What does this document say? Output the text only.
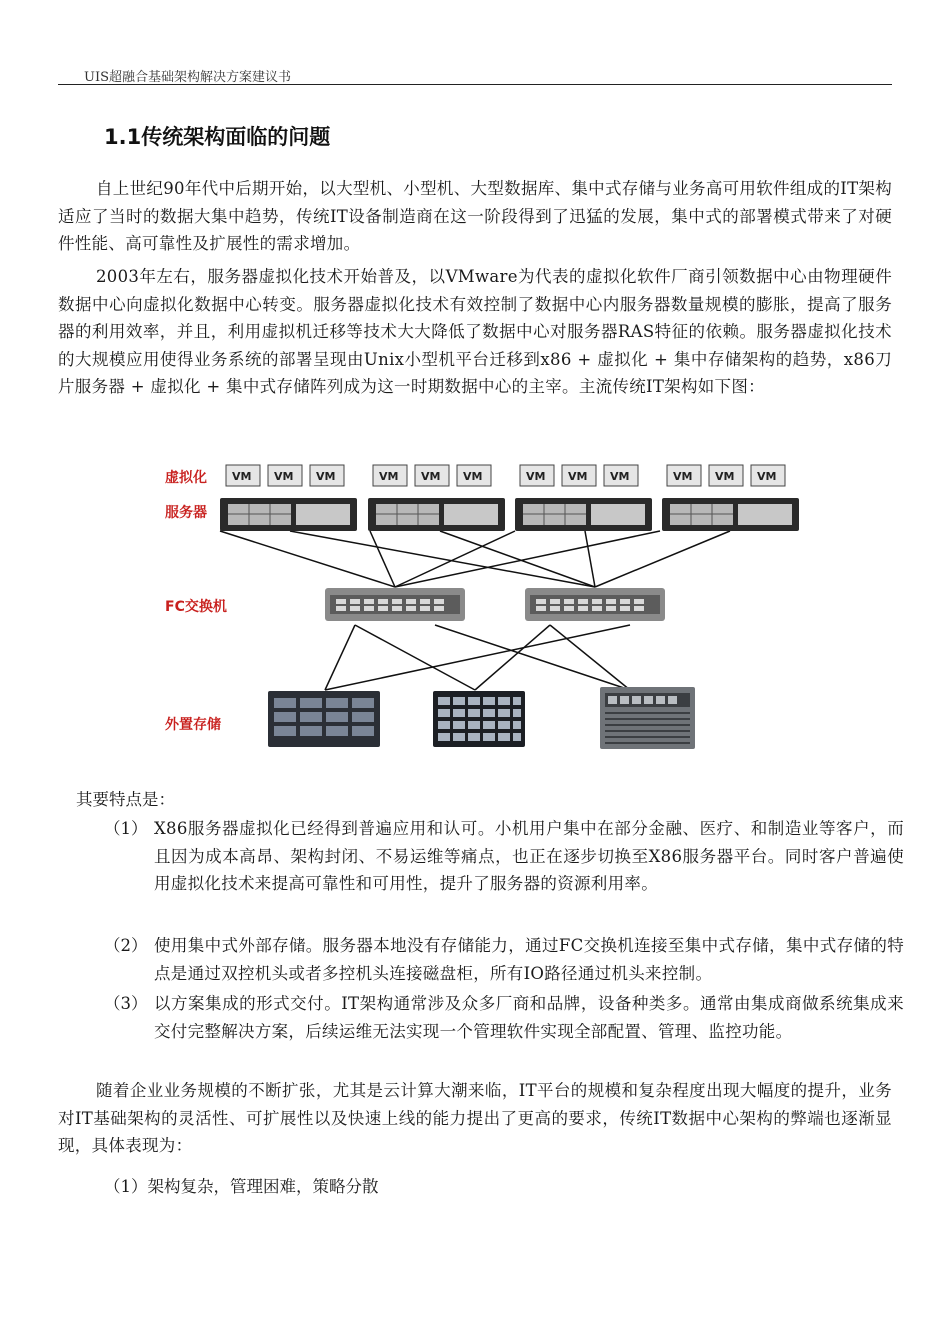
UIS超融合基础架构解决方案建议书
1.1传统架构面临的问题

自上世纪90年代中后期开始，以大型机、小型机、大型数据库、集中式存储与业务高可用软件组成的IT架构适应了当时的数据大集中趋势，传统IT设备制造商在这一阶段得到了迅猛的发展，集中式的部署模式带来了对硬件性能、高可靠性及扩展性的需求增加。

2003年左右，服务器虚拟化技术开始普及，以VMware为代表的虚拟化软件厂商引领数据中心由物理硬件数据中心向虚拟化数据中心转变。服务器虚拟化技术有效控制了数据中心内服务器数量规模的膨胀，提高了服务器的利用效率，并且，利用虚拟机迁移等技术大大降低了数据中心对服务器RAS特征的依赖。服务器虚拟化技术的大规模应用使得业务系统的部署呈现由Unix小型机平台迁移到x86 + 虚拟化 + 集中存储架构的趋势，x86刀片服务器 + 虚拟化 + 集中式存储阵列成为这一时期数据中心的主宰。主流传统IT架构如下图：

虚拟化
服务器
FC交换机
外置存储
VM VM VM	VM VM VM	VM VM VM	VM VM VM

其要特点是：

（1） X86服务器虚拟化已经得到普遍应用和认可。小机用户集中在部分金融、医疗、和制造业等客户，而且因为成本高昂、架构封闭、不易运维等痛点，也正在逐步切换至X86服务器平台。同时客户普遍使用虚拟化技术来提高可靠性和可用性，提升了服务器的资源利用率。
（2） 使用集中式外部存储。服务器本地没有存储能力，通过FC交换机连接至集中式存储，集中式存储的特点是通过双控机头或者多控机头连接磁盘柜，所有IO路径通过机头来控制。
（3） 以方案集成的形式交付。IT架构通常涉及众多厂商和品牌，设备种类多。通常由集成商做系统集成来交付完整解决方案，后续运维无法实现一个管理软件实现全部配置、管理、监控功能。

随着企业业务规模的不断扩张，尤其是云计算大潮来临，IT平台的规模和复杂程度出现大幅度的提升，业务对IT基础架构的灵活性、可扩展性以及快速上线的能力提出了更高的要求，传统IT数据中心架构的弊端也逐渐显现，具体表现为：

（1）架构复杂，管理困难，策略分散
